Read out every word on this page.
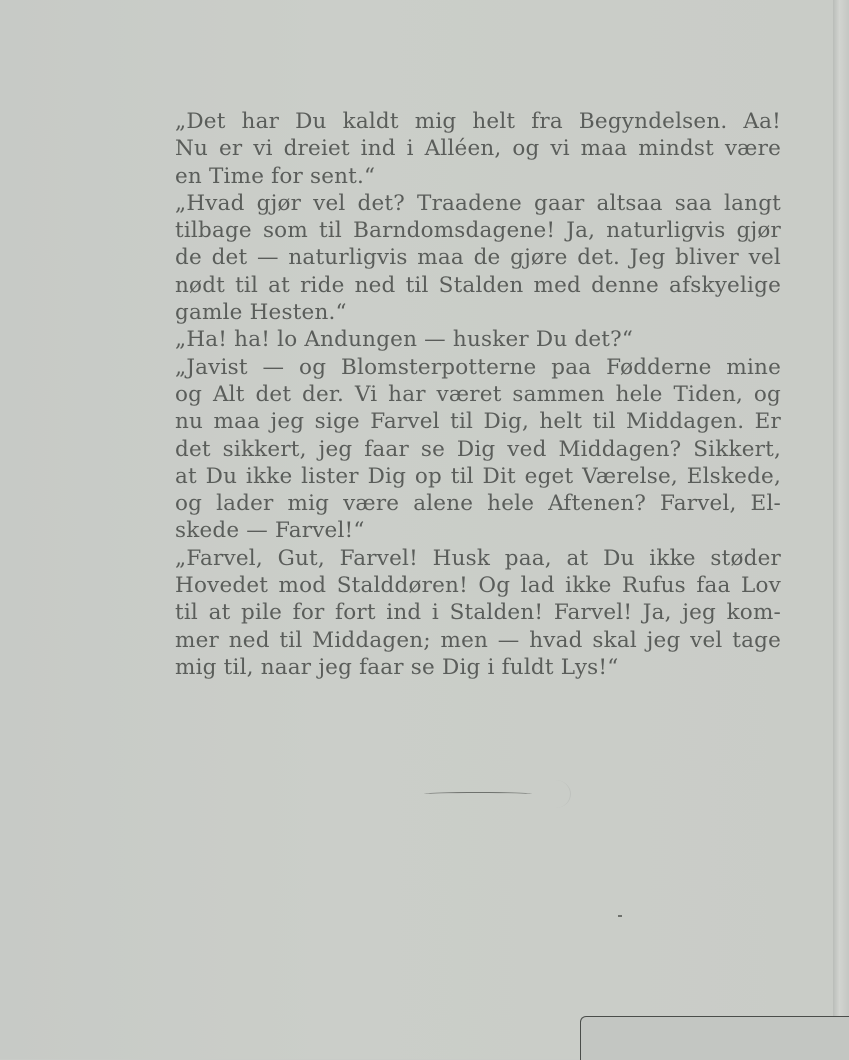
„Det har Du kaldt mig helt fra Begyndelsen. Aa!
Nu er vi dreiet ind i Alléen, og vi maa mindst være
en Time for sent.“
„Hvad gjør vel det? Traadene gaar altsaa saa langt
tilbage som til Barndomsdagene! Ja, naturligvis gjør
de det — naturligvis maa de gjøre det. Jeg bliver vel
nødt til at ride ned til Stalden med denne afskyelige
gamle Hesten.“
„Ha! ha! lo Andungen — husker Du det?“
„Javist — og Blomsterpotterne paa Fødderne mine
og Alt det der. Vi har været sammen hele Tiden, og
nu maa jeg sige Farvel til Dig, helt til Middagen. Er
det sikkert, jeg faar se Dig ved Middagen? Sikkert,
at Du ikke lister Dig op til Dit eget Værelse, Elskede,
og lader mig være alene hele Aftenen? Farvel, El-
skede — Farvel!“
„Farvel, Gut, Farvel! Husk paa, at Du ikke støder
Hovedet mod Stalddøren! Og lad ikke Rufus faa Lov
til at pile for fort ind i Stalden! Farvel! Ja, jeg kom-
mer ned til Middagen; men — hvad skal jeg vel tage
mig til, naar jeg faar se Dig i fuldt Lys!“
